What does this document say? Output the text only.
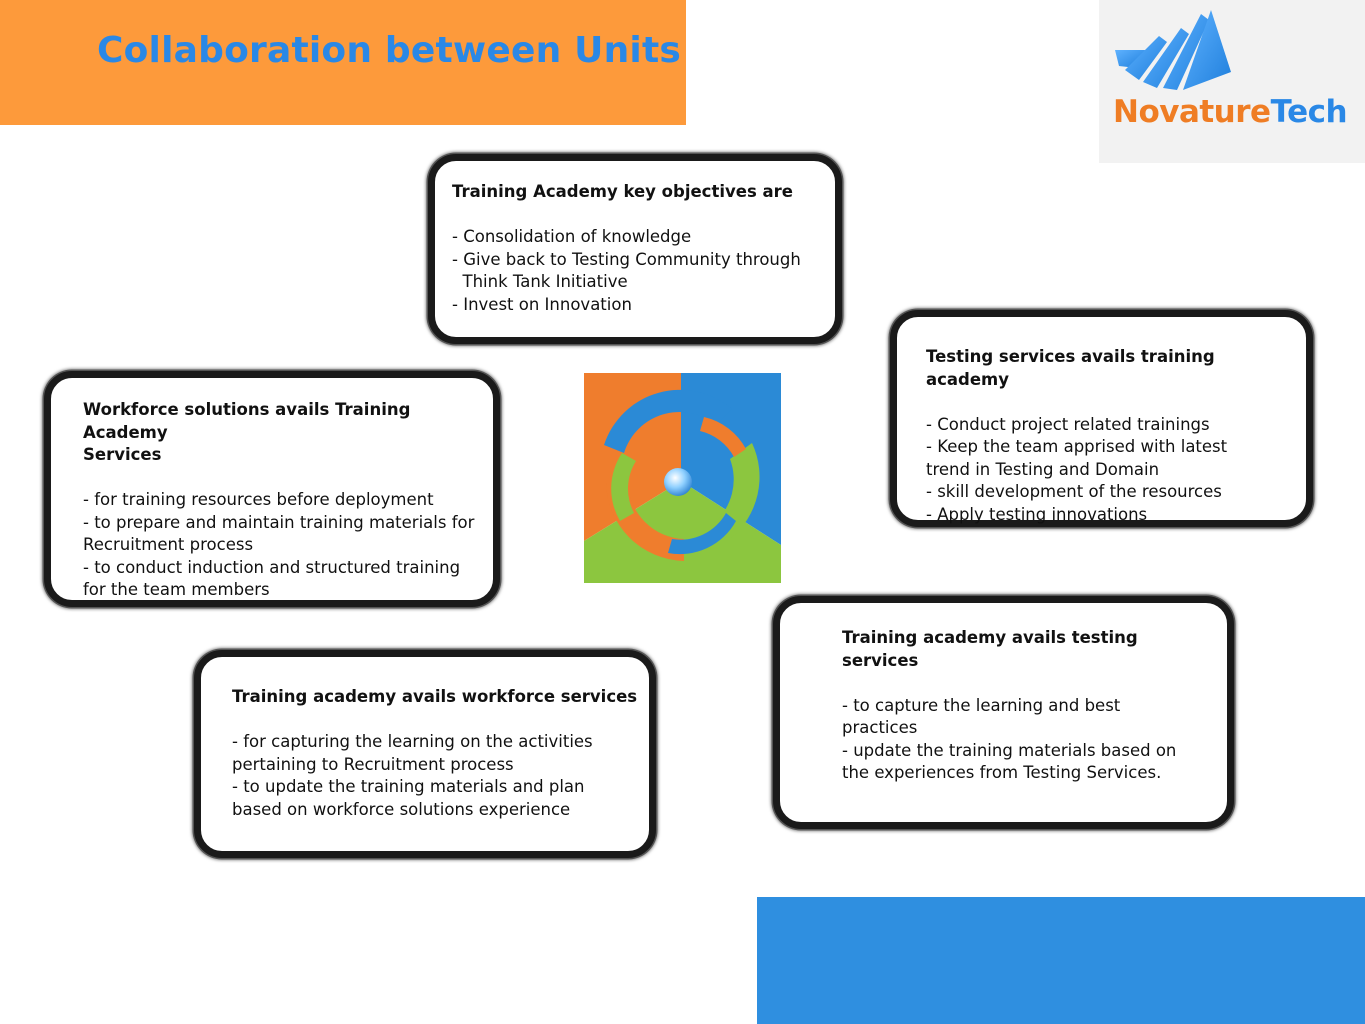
Collaboration between Units
NovatureTech

Training Academy key objectives are

- Consolidation of knowledge

- Give back to Testing Community through

Think Tank Initiative

- Invest on Innovation

Testing services avails training academy

- Conduct project related trainings

- Keep the team apprised with latest

trend in Testing and Domain

- skill development of the resources

- Apply testing innovations

Workforce solutions avails Training Academy

Services

- for training resources before deployment

- to prepare and maintain training materials for

Recruitment process

- to conduct induction and structured training

for the team members

Training academy avails workforce services

- for capturing the learning on the activities

pertaining to Recruitment process

- to update the training materials and plan

based on workforce solutions experience

Training academy avails testing services

- to capture the learning and best

practices

- update the training materials based on

the experiences from Testing Services.
